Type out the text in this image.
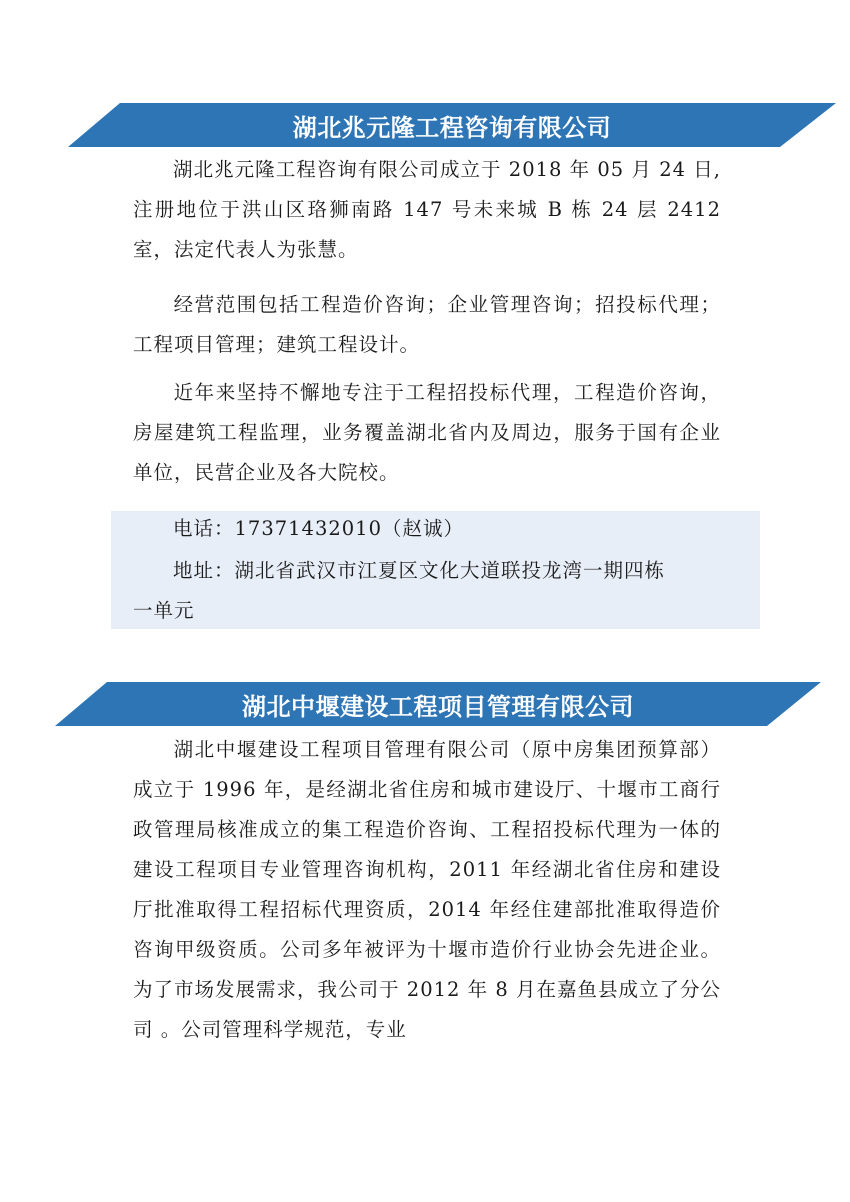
湖北兆元隆工程咨询有限公司

湖北兆元隆工程咨询有限公司成立于 2018 年 05 月 24 日,注册地位于洪山区珞狮南路 147 号未来城 B 栋 24 层 2412 室，法定代表人为张慧。

经营范围包括工程造价咨询；企业管理咨询；招投标代理；工程项目管理；建筑工程设计。

近年来坚持不懈地专注于工程招投标代理，工程造价咨询，房屋建筑工程监理，业务覆盖湖北省内及周边，服务于国有企业单位，民营企业及各大院校。

电话：17371432010（赵诚）
地址：湖北省武汉市江夏区文化大道联投龙湾一期四栋
一单元
湖北中堰建设工程项目管理有限公司

湖北中堰建设工程项目管理有限公司（原中房集团预算部）成立于 1996 年，是经湖北省住房和城市建设厅、十堰市工商行政管理局核准成立的集工程造价咨询、工程招投标代理为一体的建设工程项目专业管理咨询机构，2011 年经湖北省住房和建设厅批准取得工程招标代理资质，2014 年经住建部批准取得造价咨询甲级资质。公司多年被评为十堰市造价行业协会先进企业。为了市场发展需求，我公司于 2012 年 8 月在嘉鱼县成立了分公司 。公司管理科学规范，专业
